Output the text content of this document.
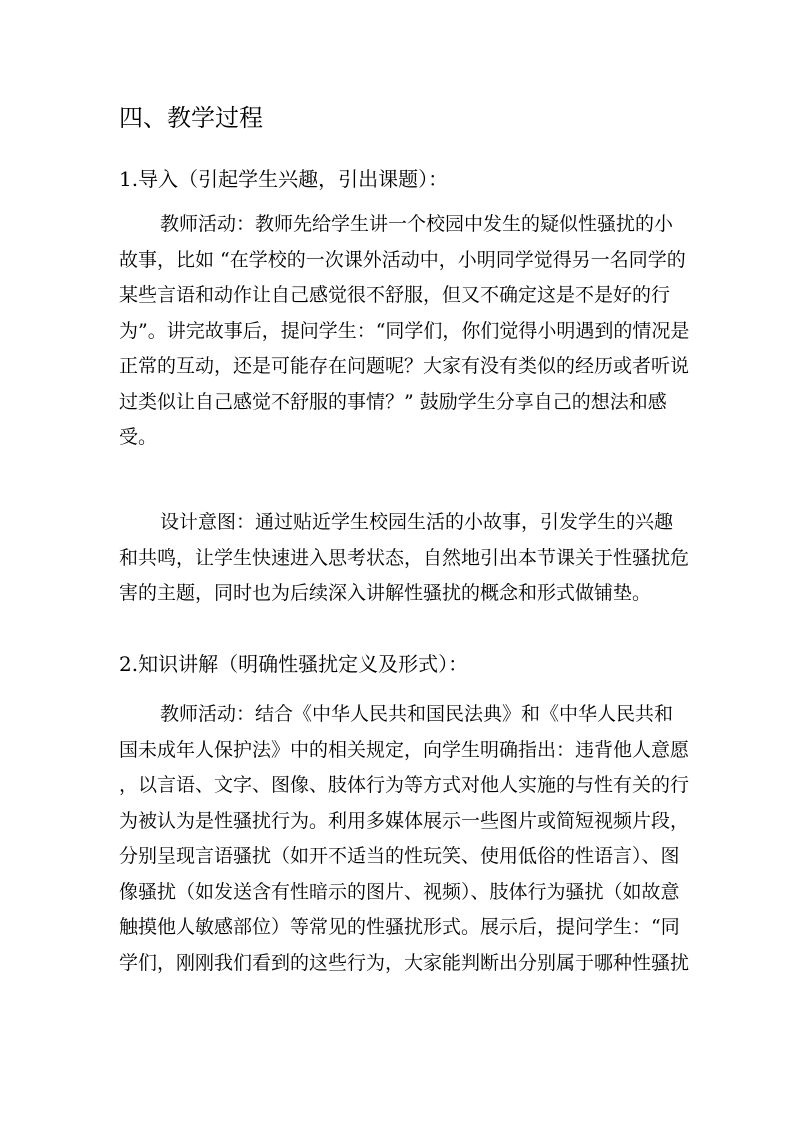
四、教学过程
1.导入（引起学生兴趣，引出课题）：
教师活动：教师先给学生讲一个校园中发生的疑似性骚扰的小
故事，比如 “在学校的一次课外活动中，小明同学觉得另一名同学的
某些言语和动作让自己感觉很不舒服，但又不确定这是不是好的行
为”。讲完故事后，提问学生：“同学们，你们觉得小明遇到的情况是
正常的互动，还是可能存在问题呢？大家有没有类似的经历或者听说
过类似让自己感觉不舒服的事情？” 鼓励学生分享自己的想法和感
受。
设计意图：通过贴近学生校园生活的小故事，引发学生的兴趣
和共鸣，让学生快速进入思考状态，自然地引出本节课关于性骚扰危
害的主题，同时也为后续深入讲解性骚扰的概念和形式做铺垫。
2.知识讲解（明确性骚扰定义及形式）：
教师活动：结合《中华人民共和国民法典》和《中华人民共和
国未成年人保护法》中的相关规定，向学生明确指出：违背他人意愿
，以言语、文字、图像、肢体行为等方式对他人实施的与性有关的行
为被认为是性骚扰行为。利用多媒体展示一些图片或简短视频片段，
分别呈现言语骚扰（如开不适当的性玩笑、使用低俗的性语言）、图
像骚扰（如发送含有性暗示的图片、视频）、肢体行为骚扰（如故意
触摸他人敏感部位）等常见的性骚扰形式。展示后，提问学生：“同
学们，刚刚我们看到的这些行为，大家能判断出分别属于哪种性骚扰
